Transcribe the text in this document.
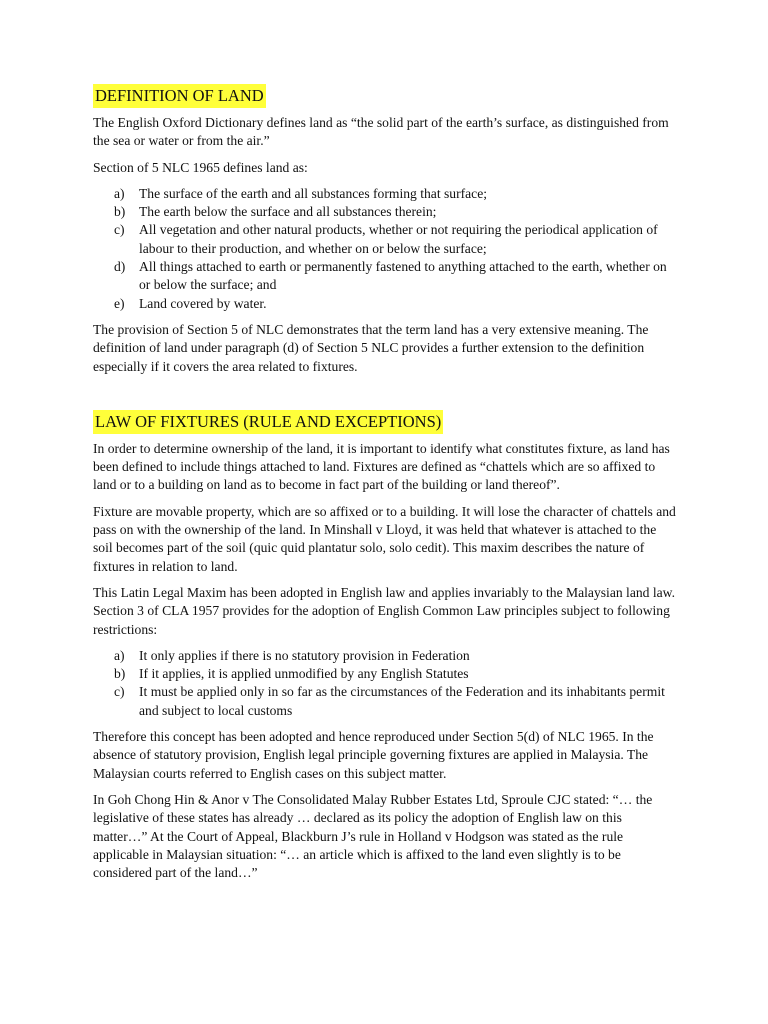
DEFINITION OF LAND

The English Oxford Dictionary defines land as “the solid part of the earth’s surface, as distinguished from the sea or water or from the air.”

Section of 5 NLC 1965 defines land as:

a) The surface of the earth and all substances forming that surface;
b) The earth below the surface and all substances therein;
c) All vegetation and other natural products, whether or not requiring the periodical application of labour to their production, and whether on or below the surface;
d) All things attached to earth or permanently fastened to anything attached to the earth, whether on or below the surface; and
e) Land covered by water.

The provision of Section 5 of NLC demonstrates that the term land has a very extensive meaning. The definition of land under paragraph (d) of Section 5 NLC provides a further extension to the definition especially if it covers the area related to fixtures.

LAW OF FIXTURES (RULE AND EXCEPTIONS)

In order to determine ownership of the land, it is important to identify what constitutes fixture, as land has been defined to include things attached to land. Fixtures are defined as “chattels which are so affixed to land or to a building on land as to become in fact part of the building or land thereof”.

Fixture are movable property, which are so affixed or to a building. It will lose the character of chattels and pass on with the ownership of the land. In Minshall v Lloyd, it was held that whatever is attached to the soil becomes part of the soil (quic quid plantatur solo, solo cedit). This maxim describes the nature of fixtures in relation to land.

This Latin Legal Maxim has been adopted in English law and applies invariably to the Malaysian land law. Section 3 of CLA 1957 provides for the adoption of English Common Law principles subject to following restrictions:

a) It only applies if there is no statutory provision in Federation
b) If it applies, it is applied unmodified by any English Statutes
c) It must be applied only in so far as the circumstances of the Federation and its inhabitants permit and subject to local customs

Therefore this concept has been adopted and hence reproduced under Section 5(d) of NLC 1965. In the absence of statutory provision, English legal principle governing fixtures are applied in Malaysia. The Malaysian courts referred to English cases on this subject matter.

In Goh Chong Hin & Anor v The Consolidated Malay Rubber Estates Ltd, Sproule CJC stated: “… the legislative of these states has already … declared as its policy the adoption of English law on this matter…” At the Court of Appeal, Blackburn J’s rule in Holland v Hodgson was stated as the rule applicable in Malaysian situation: “… an article which is affixed to the land even slightly is to be considered part of the land…”
